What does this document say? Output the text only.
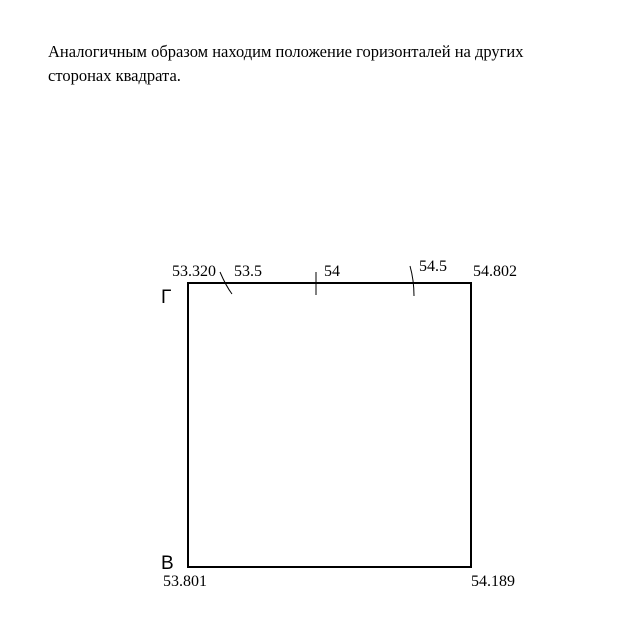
Аналогичным образом находим положение горизонталей на других
сторонах квадрата.

Г
В
53.320	54.802
53.801	54.189
53.5	54	54.5
